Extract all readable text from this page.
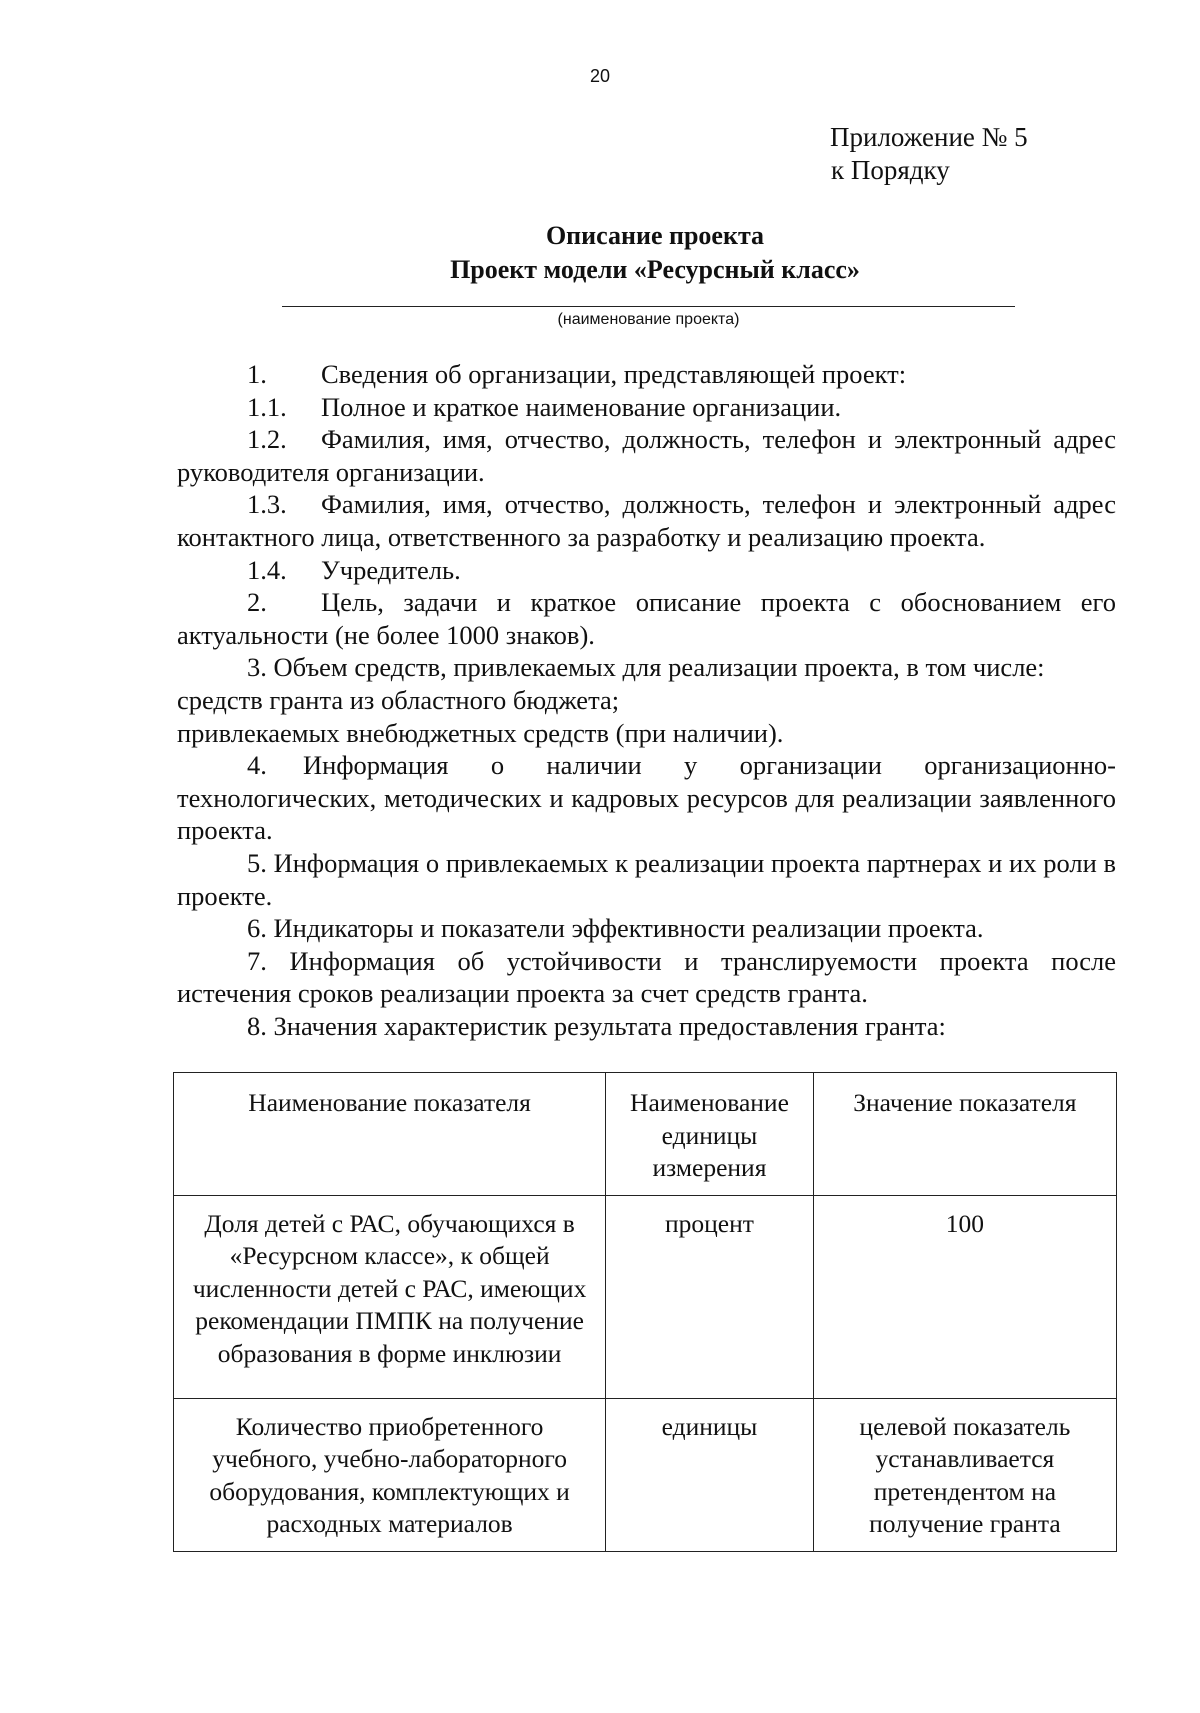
20
Приложение № 5
к Порядку
Описание проекта
Проект модели «Ресурсный класс»
(наименование проекта)

1. Сведения об организации, представляющей проект:

1.1. Полное и краткое наименование организации.

1.2. Фамилия, имя, отчество, должность, телефон и электронный адрес руководителя организации.

1.3. Фамилия, имя, отчество, должность, телефон и электронный адрес контактного лица, ответственного за разработку и реализацию проекта.

1.4. Учредитель.

2. Цель, задачи и краткое описание проекта с обоснованием его актуальности (не более 1000 знаков).

3. Объем средств, привлекаемых для реализации проекта, в том числе:

средств гранта из областного бюджета;

привлекаемых внебюджетных средств (при наличии).

4. Информация о наличии у организации организационно-технологических, методических и кадровых ресурсов для реализации заявленного проекта.

5. Информация о привлекаемых к реализации проекта партнерах и их роли в проекте.

6. Индикаторы и показатели эффективности реализации проекта.

7. Информация об устойчивости и транслируемости проекта после истечения сроков реализации проекта за счет средств гранта.

8. Значения характеристик результата предоставления гранта:

Наименование показателя	Наименование единицы измерения	Значение показателя
Доля детей с РАС, обучающихся в «Ресурсном классе», к общей численности детей с РАС, имеющих рекомендации ПМПК на получение образования в форме инклюзии	процент	100
Количество приобретенного учебного, учебно-лабораторного оборудования, комплектующих и расходных материалов	единицы	целевой показатель устанавливается претендентом на получение гранта
